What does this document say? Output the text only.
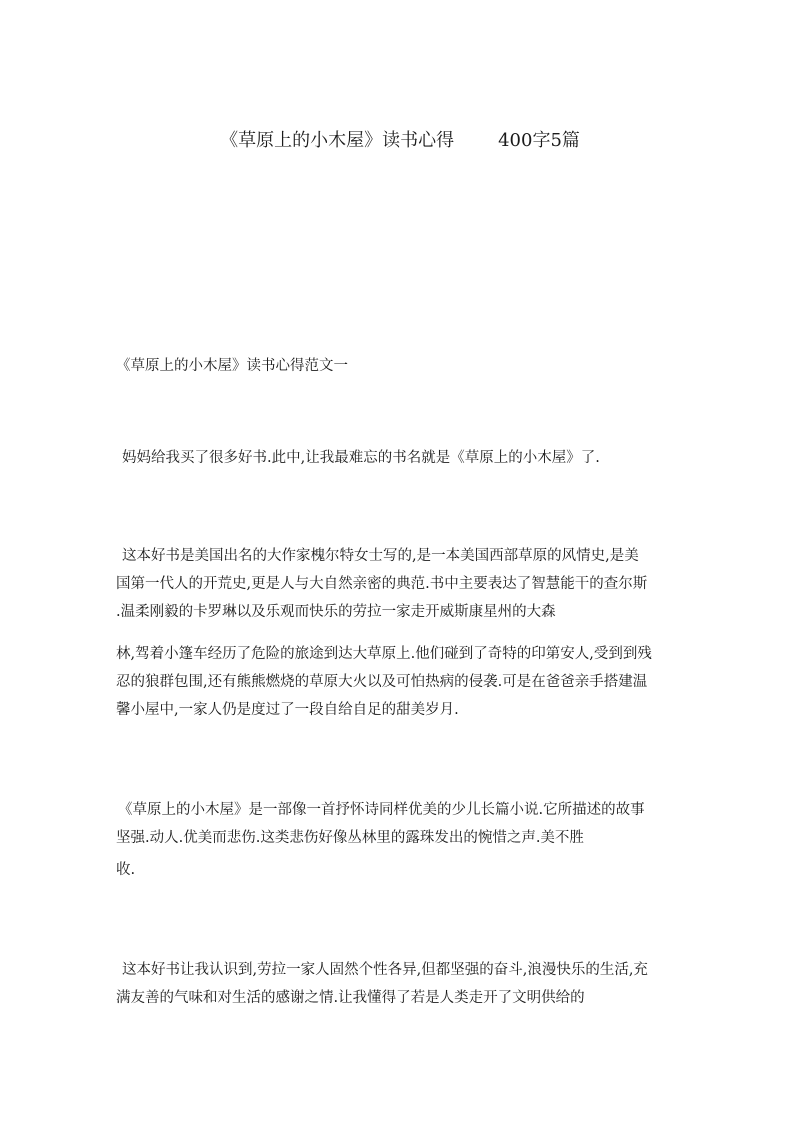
《草原上的小木屋》读书心得 400字5篇
《草原上的小木屋》读书心得范文一
妈妈给我买了很多好书.此中,让我最难忘的书名就是《草原上的小木屋》了.
这本好书是美国出名的大作家槐尔特女士写的,是一本美国西部草原的风情史,是美
国第一代人的开荒史,更是人与大自然亲密的典范.书中主要表达了智慧能干的查尔斯
.温柔刚毅的卡罗琳以及乐观而快乐的劳拉一家走开威斯康星州的大森
林,驾着小篷车经历了危险的旅途到达大草原上.他们碰到了奇特的印第安人,受到到残
忍的狼群包围,还有熊熊燃烧的草原大火以及可怕热病的侵袭.可是在爸爸亲手搭建温
馨小屋中,一家人仍是度过了一段自给自足的甜美岁月.
《草原上的小木屋》是一部像一首抒怀诗同样优美的少儿长篇小说.它所描述的故事
坚强.动人.优美而悲伤.这类悲伤好像丛林里的露珠发出的惋惜之声.美不胜
收.
这本好书让我认识到,劳拉一家人固然个性各异,但都坚强的奋斗,浪漫快乐的生活,充
满友善的气味和对生活的感谢之情.让我懂得了若是人类走开了文明供给的
